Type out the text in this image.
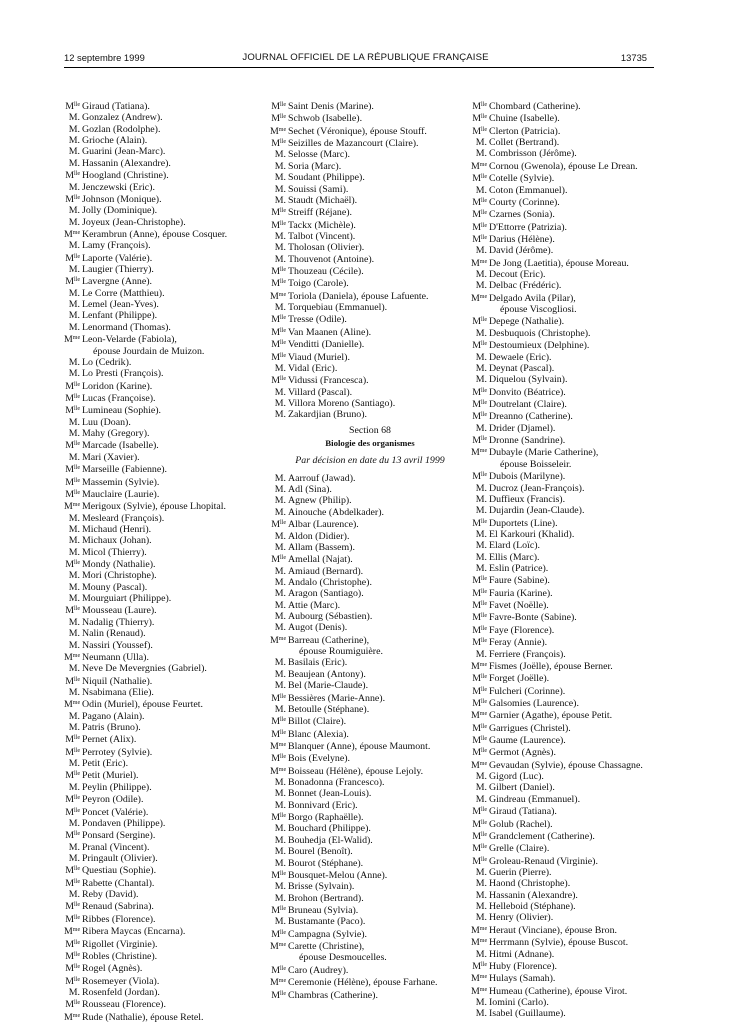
12 septembre 1999	JOURNAL OFFICIEL DE LA RÉPUBLIQUE FRANÇAISE	13735
$M^{lle}$ Giraud (Tatiana).
M. Gonzalez (Andrew).
M. Gozlan (Rodolphe).
M. Grioche (Alain).
M. Guarini (Jean-Marc).
M. Hassanin (Alexandre).
$M^{lle}$ Hoogland (Christine).
M. Jenczewski (Eric).
$M^{lle}$ Johnson (Monique).
M. Jolly (Dominique).
M. Joyeux (Jean-Christophe).
$M^{me}$ Kerambrun (Anne), épouse Cosquer.
M. Lamy (François).
$M^{lle}$ Laporte (Valérie).
M. Laugier (Thierry).
$M^{lle}$ Lavergne (Anne).
M. Le Corre (Matthieu).
M. Lemel (Jean-Yves).
M. Lenfant (Philippe).
M. Lenormand (Thomas).
$M^{me}$ Leon-Velarde (Fabiola),
épouse Jourdain de Muizon.
M. Lo (Cedrik).
M. Lo Presti (François).
$M^{lle}$ Loridon (Karine).
$M^{lle}$ Lucas (Françoise).
$M^{lle}$ Lumineau (Sophie).
M. Luu (Doan).
M. Mahy (Gregory).
$M^{lle}$ Marcade (Isabelle).
M. Mari (Xavier).
$M^{lle}$ Marseille (Fabienne).
$M^{lle}$ Massemin (Sylvie).
$M^{lle}$ Mauclaire (Laurie).
$M^{me}$ Merigoux (Sylvie), épouse Lhopital.
M. Mesleard (François).
M. Michaud (Henri).
M. Michaux (Johan).
M. Micol (Thierry).
$M^{lle}$ Mondy (Nathalie).
M. Mori (Christophe).
M. Mouny (Pascal).
M. Mourguiart (Philippe).
$M^{lle}$ Mousseau (Laure).
M. Nadalig (Thierry).
M. Nalin (Renaud).
M. Nassiri (Youssef).
$M^{me}$ Neumann (Ulla).
M. Neve De Mevergnies (Gabriel).
$M^{lle}$ Niquil (Nathalie).
M. Nsabimana (Elie).
$M^{me}$ Odin (Muriel), épouse Feurtet.
M. Pagano (Alain).
M. Patris (Bruno).
$M^{lle}$ Pernet (Alix).
$M^{lle}$ Perrotey (Sylvie).
M. Petit (Eric).
$M^{lle}$ Petit (Muriel).
M. Peylin (Philippe).
$M^{lle}$ Peyron (Odile).
$M^{lle}$ Poncet (Valérie).
M. Pondaven (Philippe).
$M^{lle}$ Ponsard (Sergine).
M. Pranal (Vincent).
M. Pringault (Olivier).
$M^{lle}$ Questiau (Sophie).
$M^{lle}$ Rabette (Chantal).
M. Reby (David).
$M^{lle}$ Renaud (Sabrina).
$M^{lle}$ Ribbes (Florence).
$M^{me}$ Ribera Maycas (Encarna).
$M^{lle}$ Rigollet (Virginie).
$M^{lle}$ Robles (Christine).
$M^{lle}$ Rogel (Agnès).
$M^{lle}$ Rosemeyer (Viola).
M. Rosenfeld (Jordan).
$M^{lle}$ Rousseau (Florence).
$M^{me}$ Rude (Nathalie), épouse Retel.
$M^{lle}$ Saint Denis (Marine).
$M^{lle}$ Schwob (Isabelle).
$M^{me}$ Sechet (Véronique), épouse Stouff.
$M^{lle}$ Seizilles de Mazancourt (Claire).
M. Selosse (Marc).
M. Soria (Marc).
M. Soudant (Philippe).
M. Souissi (Sami).
M. Staudt (Michaël).
$M^{lle}$ Streiff (Réjane).
$M^{lle}$ Tackx (Michèle).
M. Talbot (Vincent).
M. Tholosan (Olivier).
M. Thouvenot (Antoine).
$M^{lle}$ Thouzeau (Cécile).
$M^{lle}$ Toigo (Carole).
$M^{me}$ Toriola (Daniela), épouse Lafuente.
M. Torquebiau (Emmanuel).
$M^{lle}$ Tresse (Odile).
$M^{lle}$ Van Maanen (Aline).
$M^{lle}$ Venditti (Danielle).
$M^{lle}$ Viaud (Muriel).
M. Vidal (Eric).
$M^{lle}$ Vidussi (Francesca).
M. Villard (Pascal).
M. Villora Moreno (Santiago).
M. Zakardjian (Bruno).
Section 68
Biologie des organismes
Par décision en date du 13 avril 1999
M. Aarrouf (Jawad).
M. Adl (Sina).
M. Agnew (Philip).
M. Ainouche (Abdelkader).
$M^{lle}$ Albar (Laurence).
M. Aldon (Didier).
M. Allam (Bassem).
$M^{lle}$ Amellal (Najat).
M. Amiaud (Bernard).
M. Andalo (Christophe).
M. Aragon (Santiago).
M. Attie (Marc).
M. Aubourg (Sébastien).
M. Augot (Denis).
$M^{me}$ Barreau (Catherine),
épouse Roumiguière.
M. Basilais (Eric).
M. Beaujean (Antony).
M. Bel (Marie-Claude).
$M^{lle}$ Bessières (Marie-Anne).
M. Betoulle (Stéphane).
$M^{lle}$ Billot (Claire).
$M^{lle}$ Blanc (Alexia).
$M^{me}$ Blanquer (Anne), épouse Maumont.
$M^{lle}$ Bois (Evelyne).
$M^{me}$ Boisseau (Hélène), épouse Lejoly.
M. Bonadonna (Francesco).
M. Bonnet (Jean-Louis).
M. Bonnivard (Eric).
$M^{lle}$ Borgo (Raphaëlle).
M. Bouchard (Philippe).
M. Bouhedja (El-Walid).
M. Bourel (Benoît).
M. Bourot (Stéphane).
$M^{lle}$ Bousquet-Melou (Anne).
M. Brisse (Sylvain).
M. Brohon (Bertrand).
$M^{lle}$ Bruneau (Sylvia).
M. Bustamante (Paco).
$M^{lle}$ Campagna (Sylvie).
$M^{me}$ Carette (Christine),
épouse Desmoucelles.
$M^{lle}$ Caro (Audrey).
$M^{me}$ Ceremonie (Hélène), épouse Farhane.
$M^{lle}$ Chambras (Catherine).
$M^{lle}$ Chombard (Catherine).
$M^{lle}$ Chuine (Isabelle).
$M^{lle}$ Clerton (Patricia).
M. Collet (Bertrand).
M. Combrisson (Jérôme).
$M^{me}$ Cornou (Gwenola), épouse Le Drean.
$M^{lle}$ Cotelle (Sylvie).
M. Coton (Emmanuel).
$M^{lle}$ Courty (Corinne).
$M^{lle}$ Czarnes (Sonia).
$M^{lle}$ D'Ettorre (Patrizia).
$M^{lle}$ Darius (Hélène).
M. David (Jérôme).
$M^{me}$ De Jong (Laetitia), épouse Moreau.
M. Decout (Eric).
M. Delbac (Frédéric).
$M^{me}$ Delgado Avila (Pilar),
épouse Viscogliosi.
$M^{lle}$ Depege (Nathalie).
M. Desbuquois (Christophe).
$M^{lle}$ Destoumieux (Delphine).
M. Dewaele (Eric).
M. Deynat (Pascal).
M. Diquelou (Sylvain).
$M^{lle}$ Donvito (Béatrice).
$M^{lle}$ Doutrelant (Claire).
$M^{lle}$ Dreanno (Catherine).
M. Drider (Djamel).
$M^{lle}$ Dronne (Sandrine).
$M^{me}$ Dubayle (Marie Catherine),
épouse Boisseleir.
$M^{lle}$ Dubois (Marilyne).
M. Ducroz (Jean-François).
M. Duffieux (Francis).
M. Dujardin (Jean-Claude).
$M^{lle}$ Duportets (Line).
M. El Karkouri (Khalid).
M. Elard (Loïc).
M. Ellis (Marc).
M. Eslin (Patrice).
$M^{lle}$ Faure (Sabine).
$M^{lle}$ Fauria (Karine).
$M^{lle}$ Favet (Noëlle).
$M^{lle}$ Favre-Bonte (Sabine).
$M^{lle}$ Faye (Florence).
$M^{lle}$ Feray (Annie).
M. Ferriere (François).
$M^{me}$ Fismes (Joëlle), épouse Berner.
$M^{lle}$ Forget (Joëlle).
$M^{lle}$ Fulcheri (Corinne).
$M^{lle}$ Galsomies (Laurence).
$M^{me}$ Garnier (Agathe), épouse Petit.
$M^{lle}$ Garrigues (Christel).
$M^{lle}$ Gaume (Laurence).
$M^{lle}$ Germot (Agnès).
$M^{me}$ Gevaudan (Sylvie), épouse Chassagne.
M. Gigord (Luc).
M. Gilbert (Daniel).
M. Gindreau (Emmanuel).
$M^{lle}$ Giraud (Tatiana).
$M^{lle}$ Golub (Rachel).
$M^{lle}$ Grandclement (Catherine).
$M^{lle}$ Grelle (Claire).
$M^{lle}$ Groleau-Renaud (Virginie).
M. Guerin (Pierre).
M. Haond (Christophe).
M. Hassanin (Alexandre).
M. Helleboid (Stéphane).
M. Henry (Olivier).
$M^{me}$ Heraut (Vinciane), épouse Bron.
$M^{me}$ Herrmann (Sylvie), épouse Buscot.
M. Hitmi (Adnane).
$M^{lle}$ Huby (Florence).
$M^{me}$ Hulays (Samah).
$M^{me}$ Humeau (Catherine), épouse Virot.
M. Iomini (Carlo).
M. Isabel (Guillaume).
